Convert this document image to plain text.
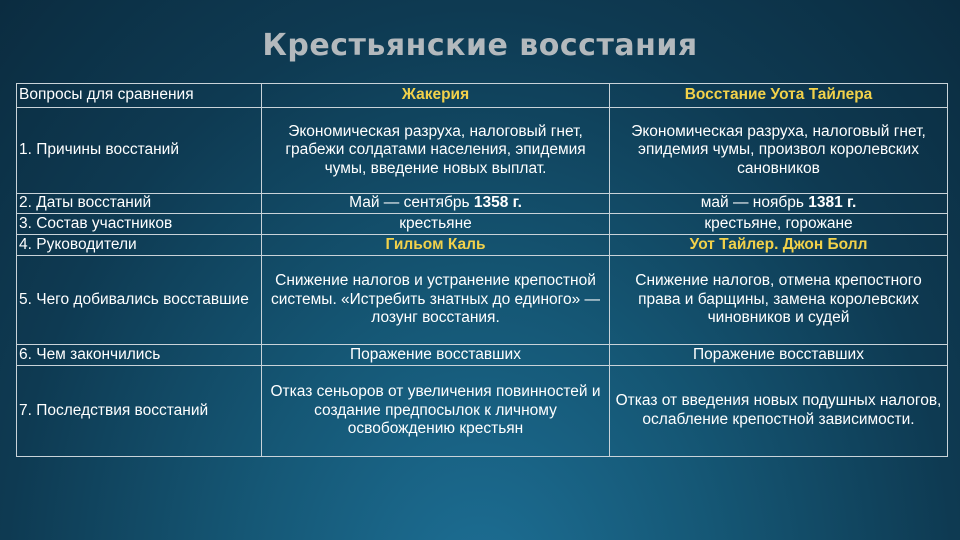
Крестьянские восстания
Вопросы для сравнения	Жакерия	Восстание Уота Тайлера
1. Причины восстаний	Экономическая разруха, налоговый гнет, грабежи солдатами населения, эпидемия чумы, введение новых выплат.	Экономическая разруха, налоговый гнет, эпидемия чумы, произвол королевских сановников
2. Даты восстаний	Май — сентябрь 1358 г.	май — ноябрь 1381 г.
3. Состав участников	крестьяне	крестьяне, горожане
4. Руководители	Гильом Каль	Уот Тайлер. Джон Болл
5. Чего добивались восставшие	Снижение налогов и устранение крепостной системы. «Истребить знатных до единого» — лозунг восстания.	Снижение налогов, отмена крепостного права и барщины, замена королевских чиновников и судей
6. Чем закончились	Поражение восставших	Поражение восставших
7. Последствия восстаний	Отказ сеньоров от увеличения повинностей и создание предпосылок к личному освобождению крестьян	Отказ от введения новых подушных налогов, ослабление крепостной зависимости.
